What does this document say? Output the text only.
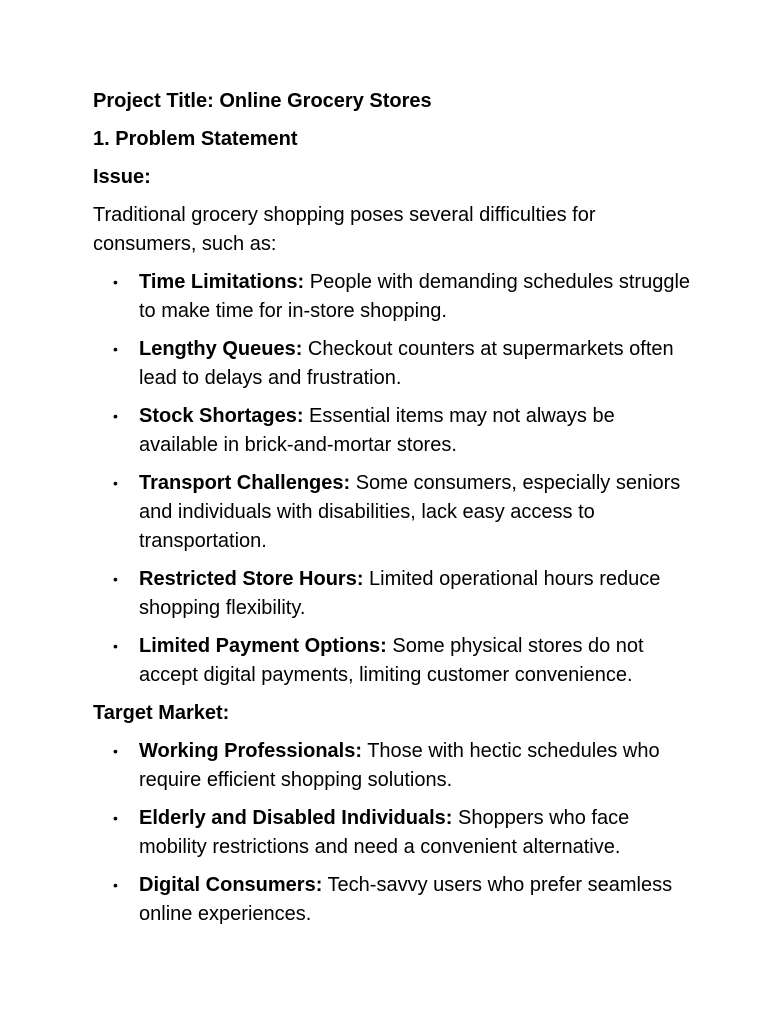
Project Title: Online Grocery Stores

1. Problem Statement

Issue:

Traditional grocery shopping poses several difficulties for consumers, such as:

• Time Limitations: People with demanding schedules struggle to make time for in-store shopping.
• Lengthy Queues: Checkout counters at supermarkets often lead to delays and frustration.
• Stock Shortages: Essential items may not always be available in brick-and-mortar stores.
• Transport Challenges: Some consumers, especially seniors and individuals with disabilities, lack easy access to transportation.
• Restricted Store Hours: Limited operational hours reduce shopping flexibility.
• Limited Payment Options: Some physical stores do not accept digital payments, limiting customer convenience.

Target Market:

• Working Professionals: Those with hectic schedules who require efficient shopping solutions.
• Elderly and Disabled Individuals: Shoppers who face mobility restrictions and need a convenient alternative.
• Digital Consumers: Tech-savvy users who prefer seamless online experiences.
